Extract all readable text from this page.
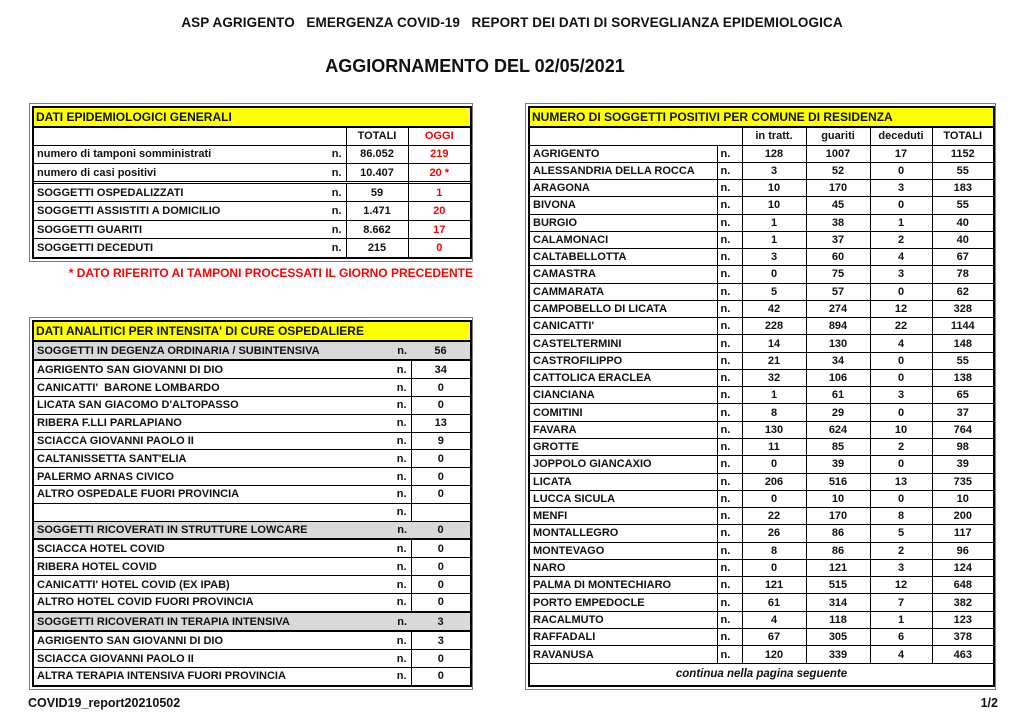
ASP AGRIGENTO   EMERGENZA COVID-19   REPORT DEI DATI DI SORVEGLIANZA EPIDEMIOLOGICA
AGGIORNAMENTO DEL 02/05/2021
DATI EPIDEMIOLOGICI GENERALI			
		TOTALI	OGGI
numero di tamponi somministrati	n.	86.052	219
numero di casi positivi	n.	10.407	20 *

SOGGETTI OSPEDALIZZATI	n.	59	1
SOGGETTI ASSISTITI A DOMICILIO	n.	1.471	20
SOGGETTI GUARITI	n.	8.662	17
SOGGETTI DECEDUTI	n.	215	0
* DATO RIFERITO AI TAMPONI PROCESSATI IL GIORNO PRECEDENTE
DATI ANALITICI PER INTENSITA' DI CURE OSPEDALIERE		
SOGGETTI IN DEGENZA ORDINARIA / SUBINTENSIVA	n.	56
AGRIGENTO SAN GIOVANNI DI DIO	n.	34
CANICATTI'  BARONE LOMBARDO	n.	0
LICATA SAN GIACOMO D'ALTOPASSO	n.	0
RIBERA F.LLI PARLAPIANO	n.	13
SCIACCA GIOVANNI PAOLO II	n.	9
CALTANISSETTA SANT'ELIA	n.	0
PALERMO ARNAS CIVICO	n.	0
ALTRO OSPEDALE FUORI PROVINCIA	n.	0
	n.	
SOGGETTI RICOVERATI IN STRUTTURE LOWCARE	n.	0
SCIACCA HOTEL COVID	n.	0
RIBERA HOTEL COVID	n.	0
CANICATTI' HOTEL COVID (EX IPAB)	n.	0
ALTRO HOTEL COVID FUORI PROVINCIA	n.	0

SOGGETTI RICOVERATI IN TERAPIA INTENSIVA	n.	3
AGRIGENTO SAN GIOVANNI DI DIO	n.	3
SCIACCA GIOVANNI PAOLO II	n.	0
ALTRA TERAPIA INTENSIVA FUORI PROVINCIA	n.	0
NUMERO DI SOGGETTI POSITIVI PER COMUNE DI RESIDENZA					
		in tratt.	guariti	deceduti	TOTALI
AGRIGENTO	n.	128	1007	17	1152
ALESSANDRIA DELLA ROCCA	n.	3	52	0	55
ARAGONA	n.	10	170	3	183
BIVONA	n.	10	45	0	55
BURGIO	n.	1	38	1	40
CALAMONACI	n.	1	37	2	40
CALTABELLOTTA	n.	3	60	4	67
CAMASTRA	n.	0	75	3	78
CAMMARATA	n.	5	57	0	62
CAMPOBELLO DI LICATA	n.	42	274	12	328
CANICATTI'	n.	228	894	22	1144
CASTELTERMINI	n.	14	130	4	148
CASTROFILIPPO	n.	21	34	0	55
CATTOLICA ERACLEA	n.	32	106	0	138
CIANCIANA	n.	1	61	3	65
COMITINI	n.	8	29	0	37
FAVARA	n.	130	624	10	764
GROTTE	n.	11	85	2	98
JOPPOLO GIANCAXIO	n.	0	39	0	39
LICATA	n.	206	516	13	735
LUCCA SICULA	n.	0	10	0	10
MENFI	n.	22	170	8	200
MONTALLEGRO	n.	26	86	5	117
MONTEVAGO	n.	8	86	2	96
NARO	n.	0	121	3	124
PALMA DI MONTECHIARO	n.	121	515	12	648
PORTO EMPEDOCLE	n.	61	314	7	382
RACALMUTO	n.	4	118	1	123
RAFFADALI	n.	67	305	6	378
RAVANUSA	n.	120	339	4	463
continua nella pagina seguente					
COVID19_report20210502	1/2
